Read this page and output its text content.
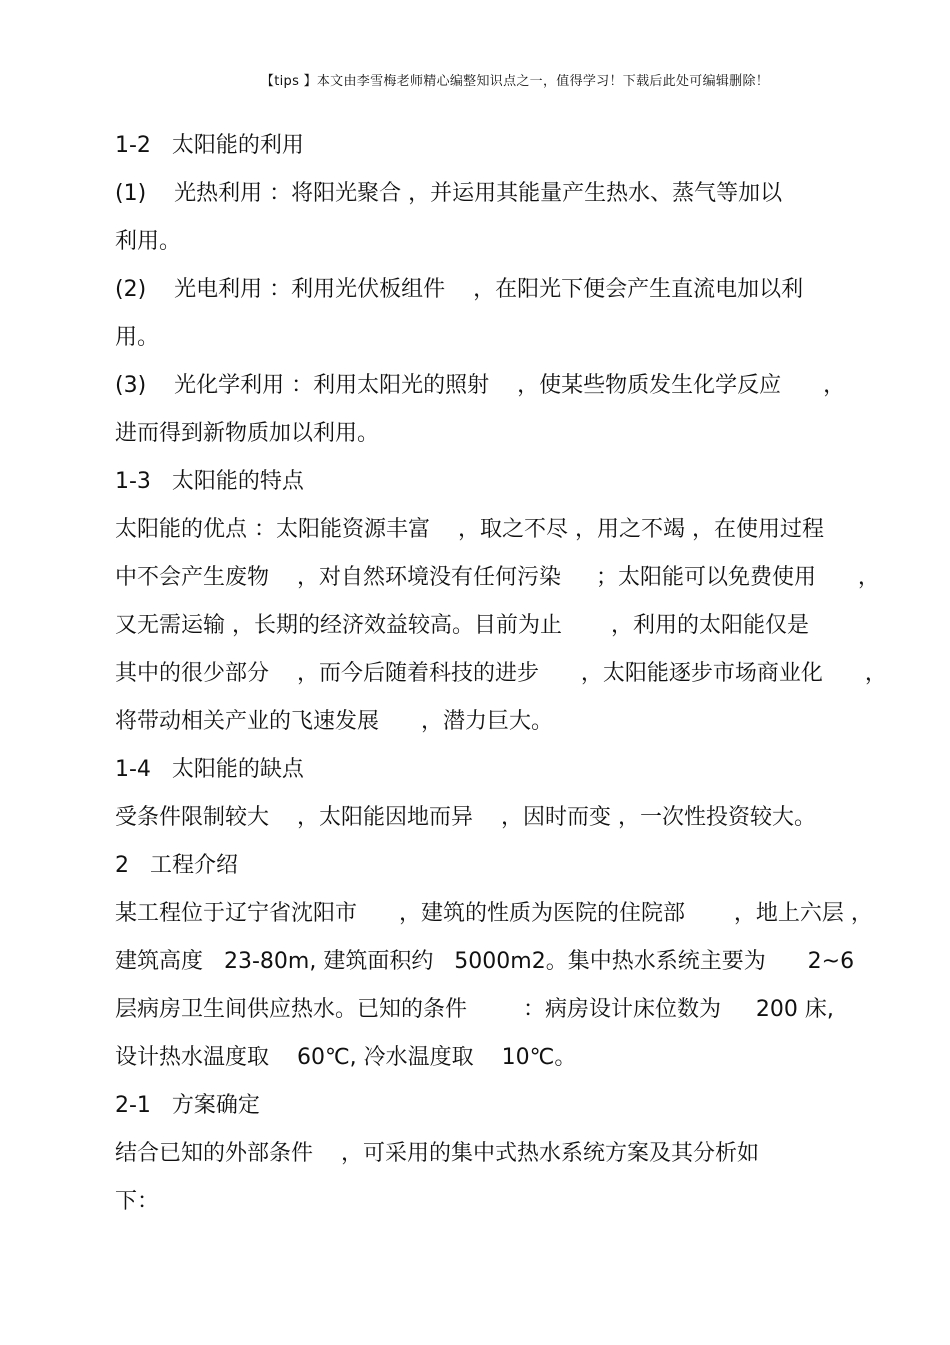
【tips 】本文由李雪梅老师精心编整知识点之一，值得学习！下载后此处可编辑删除！
1-2   太阳能的利用
(1)    光热利用 ：将阳光聚合 ，并运用其能量产生热水、蒸气等加以
利用。
(2)    光电利用 ：利用光伏板组件    ，在阳光下便会产生直流电加以利
用。
(3)    光化学利用 ：利用太阳光的照射    ，使某些物质发生化学反应      ，
进而得到新物质加以利用。
1-3   太阳能的特点
太阳能的优点 ：太阳能资源丰富    ，取之不尽 ，用之不竭 ，在使用过程
中不会产生废物    ，对自然环境没有任何污染     ；太阳能可以免费使用      ，
又无需运输 ，长期的经济效益较高。目前为止       ，利用的太阳能仅是
其中的很少部分    ，而今后随着科技的进步      ，太阳能逐步市场商业化      ，
将带动相关产业的飞速发展      ，潜力巨大。
1-4   太阳能的缺点
受条件限制较大    ，太阳能因地而异    ，因时而变 ，一次性投资较大。
2   工程介绍
某工程位于辽宁省沈阳市      ，建筑的性质为医院的住院部       ，地上六层 ，
建筑高度   23-80m, 建筑面积约   5000m2。集中热水系统主要为      2~6
层病房卫生间供应热水。已知的条件        ：病房设计床位数为     200 床,
设计热水温度取    60℃, 冷水温度取    10℃。
2-1   方案确定
结合已知的外部条件    ，可采用的集中式热水系统方案及其分析如
下：
